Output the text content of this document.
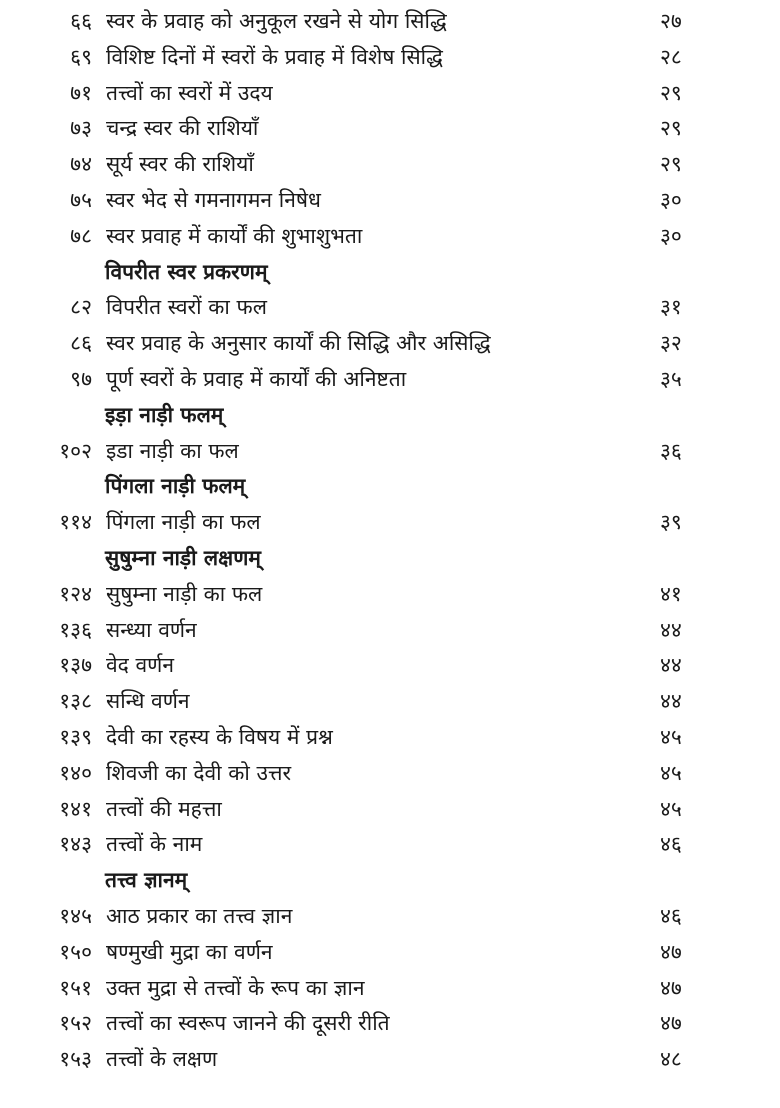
६६ स्वर के प्रवाह को अनुकूल रखने से योग सिद्धि	२७
६९ विशिष्ट दिनों में स्वरों के प्रवाह में विशेष सिद्धि	२८
७१ तत्त्वों का स्वरों में उदय	२९
७३ चन्द्र स्वर की राशियाँ	२९
७४ सूर्य स्वर की राशियाँ	२९
७५ स्वर भेद से गमनागमन निषेध	३०
७८ स्वर प्रवाह में कार्यों की शुभाशुभता	३०
विपरीत स्वर प्रकरणम्
८२ विपरीत स्वरों का फल	३१
८६ स्वर प्रवाह के अनुसार कार्यों की सिद्धि और असिद्धि	३२
९७ पूर्ण स्वरों के प्रवाह में कार्यों की अनिष्टता	३५
इड़ा नाड़ी फलम्
१०२ इडा नाड़ी का फल	३६
पिंगला नाड़ी फलम्
११४ पिंगला नाड़ी का फल	३९
सुषुम्ना नाड़ी लक्षणम्
१२४ सुषुम्ना नाड़ी का फल	४१
१३६ सन्ध्या वर्णन	४४
१३७ वेद वर्णन	४४
१३८ सन्धि वर्णन	४४
१३९ देवी का रहस्य के विषय में प्रश्न	४५
१४० शिवजी का देवी को उत्तर	४५
१४१ तत्त्वों की महत्ता	४५
१४३ तत्त्वों के नाम	४६
तत्त्व ज्ञानम्
१४५ आठ प्रकार का तत्त्व ज्ञान	४६
१५० षण्मुखी मुद्रा का वर्णन	४७
१५१ उक्त मुद्रा से तत्त्वों के रूप का ज्ञान	४७
१५२ तत्त्वों का स्वरूप जानने की दूसरी रीति	४७
१५३ तत्त्वों के लक्षण	४८
